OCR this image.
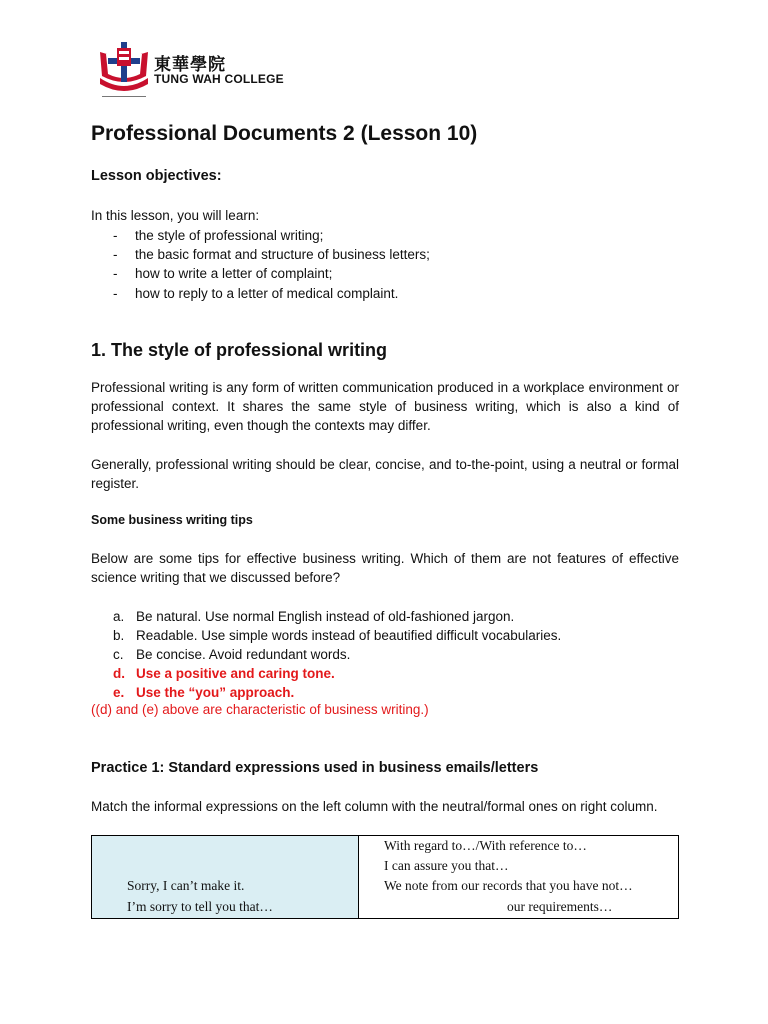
東華學院
TUNG WAH COLLEGE
Professional Documents 2 (Lesson 10)
Lesson objectives:
In this lesson, you will learn:
- the style of professional writing;
- the basic format and structure of business letters;
- how to write a letter of complaint;
- how to reply to a letter of medical complaint.
1. The style of professional writing
Professional writing is any form of written communication produced in a workplace environment or professional context. It shares the same style of business writing, which is also a kind of professional writing, even though the contexts may differ.
Generally, professional writing should be clear, concise, and to-the-point, using a neutral or formal register.
Some business writing tips
Below are some tips for effective business writing. Which of them are not features of effective science writing that we discussed before?
a. Be natural. Use normal English instead of old-fashioned jargon.
b. Readable. Use simple words instead of beautified difficult vocabularies.
c. Be concise. Avoid redundant words.
d. Use a positive and caring tone.
e. Use the “you” approach.
((d) and (e) above are characteristic of business writing.)
Practice 1: Standard expressions used in business emails/letters
Match the informal expressions on the left column with the neutral/formal ones on right column.
Sorry, I can’t make it.
I’m sorry to tell you that…
With regard to…/With reference to…
I can assure you that…
We note from our records that you have not…
our requirements…
